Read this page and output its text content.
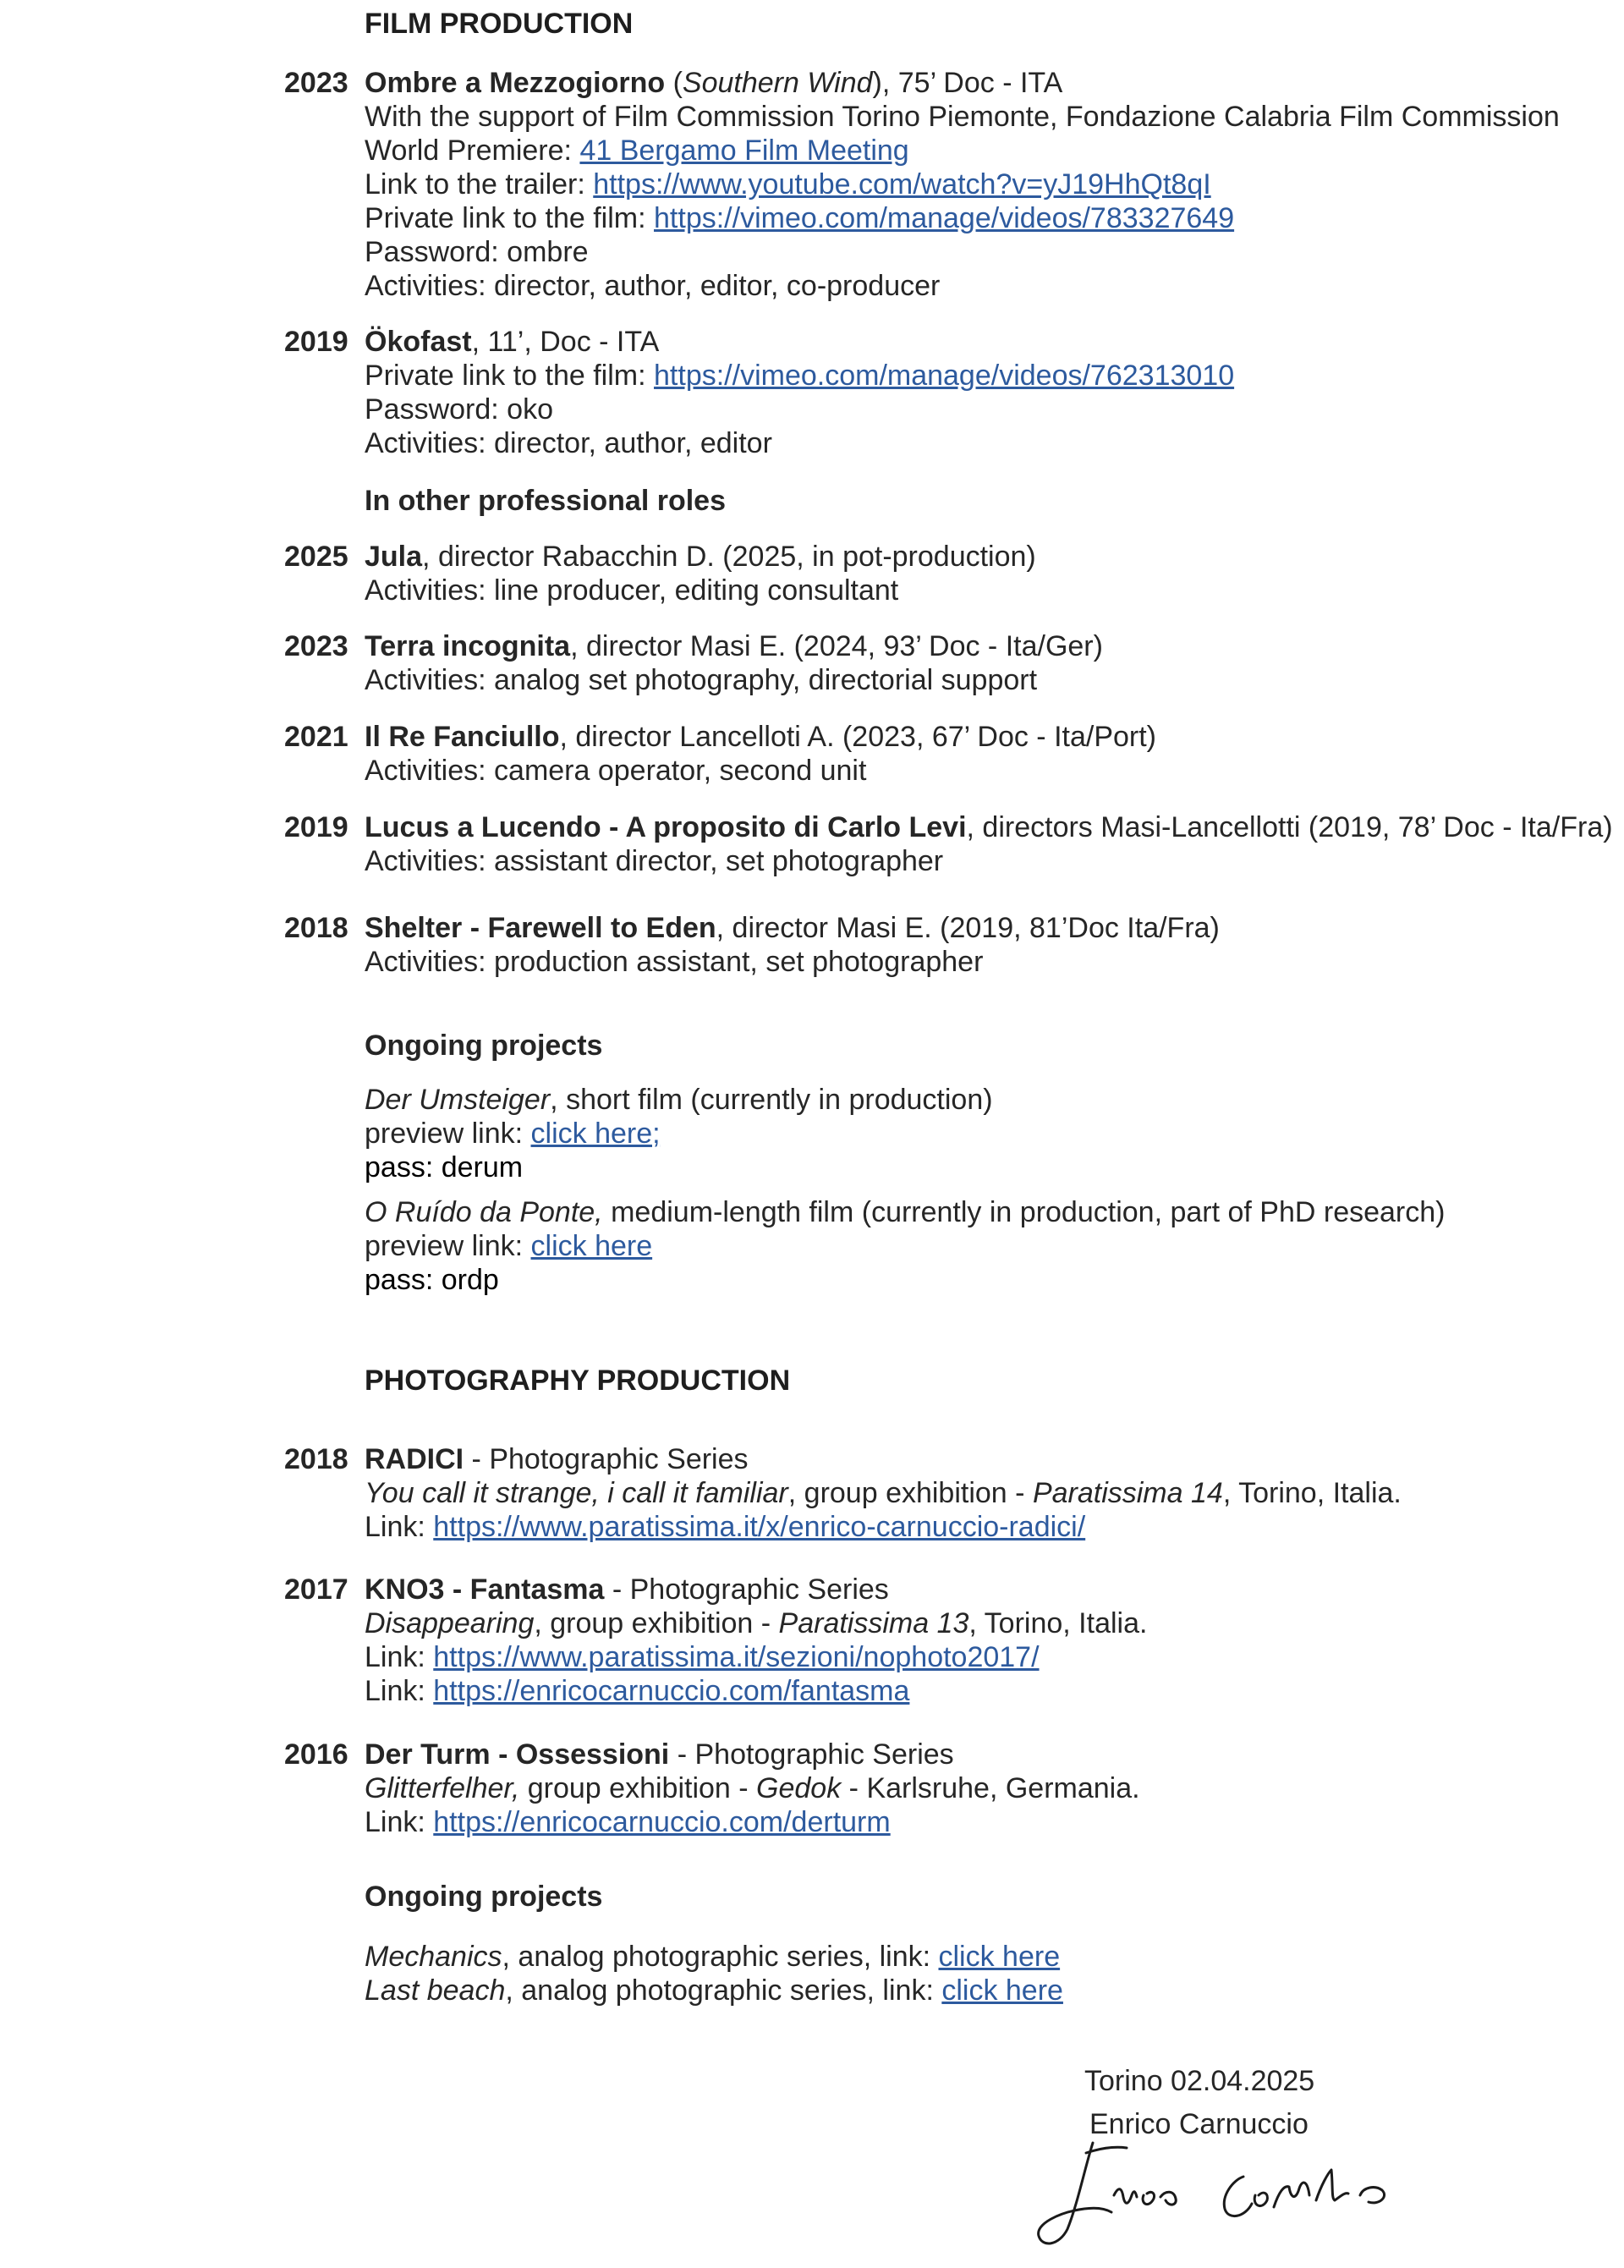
FILM PRODUCTION
2023 Ombre a Mezzogiorno (Southern Wind), 75’ Doc - ITA
With the support of Film Commission Torino Piemonte, Fondazione Calabria Film Commission
World Premiere: 41 Bergamo Film Meeting
Link to the trailer: https://www.youtube.com/watch?v=yJ19HhQt8qI
Private link to the film: https://vimeo.com/manage/videos/783327649
Password: ombre
Activities: director, author, editor, co-producer
2019 Ökofast, 11’, Doc - ITA
Private link to the film: https://vimeo.com/manage/videos/762313010
Password: oko
Activities: director, author, editor
In other professional roles
2025 Jula, director Rabacchin D. (2025, in pot-production)
Activities: line producer, editing consultant
2023 Terra incognita, director Masi E. (2024, 93’ Doc - Ita/Ger)
Activities: analog set photography, directorial support
2021 Il Re Fanciullo, director Lancelloti A. (2023, 67’ Doc - Ita/Port)
Activities: camera operator, second unit
2019 Lucus a Lucendo - A proposito di Carlo Levi, directors Masi-Lancellotti (2019, 78’ Doc - Ita/Fra)
Activities: assistant director, set photographer
2018 Shelter - Farewell to Eden, director Masi E. (2019, 81’Doc Ita/Fra)
Activities: production assistant, set photographer
Ongoing projects
Der Umsteiger, short film (currently in production)
preview link: click here;
pass: derum
O Ruído da Ponte, medium-length film (currently in production, part of PhD research)
preview link: click here
pass: ordp
PHOTOGRAPHY PRODUCTION
2018 RADICI - Photographic Series
You call it strange, i call it familiar, group exhibition - Paratissima 14, Torino, Italia.
Link: https://www.paratissima.it/x/enrico-carnuccio-radici/
2017 KNO3 - Fantasma - Photographic Series
Disappearing, group exhibition - Paratissima 13, Torino, Italia.
Link: https://www.paratissima.it/sezioni/nophoto2017/
Link: https://enricocarnuccio.com/fantasma
2016 Der Turm - Ossessioni - Photographic Series
Glitterfelher, group exhibition - Gedok - Karlsruhe, Germania.
Link: https://enricocarnuccio.com/derturm
Ongoing projects
Mechanics, analog photographic series, link: click here
Last beach, analog photographic series, link: click here
Torino 02.04.2025
Enrico Carnuccio
